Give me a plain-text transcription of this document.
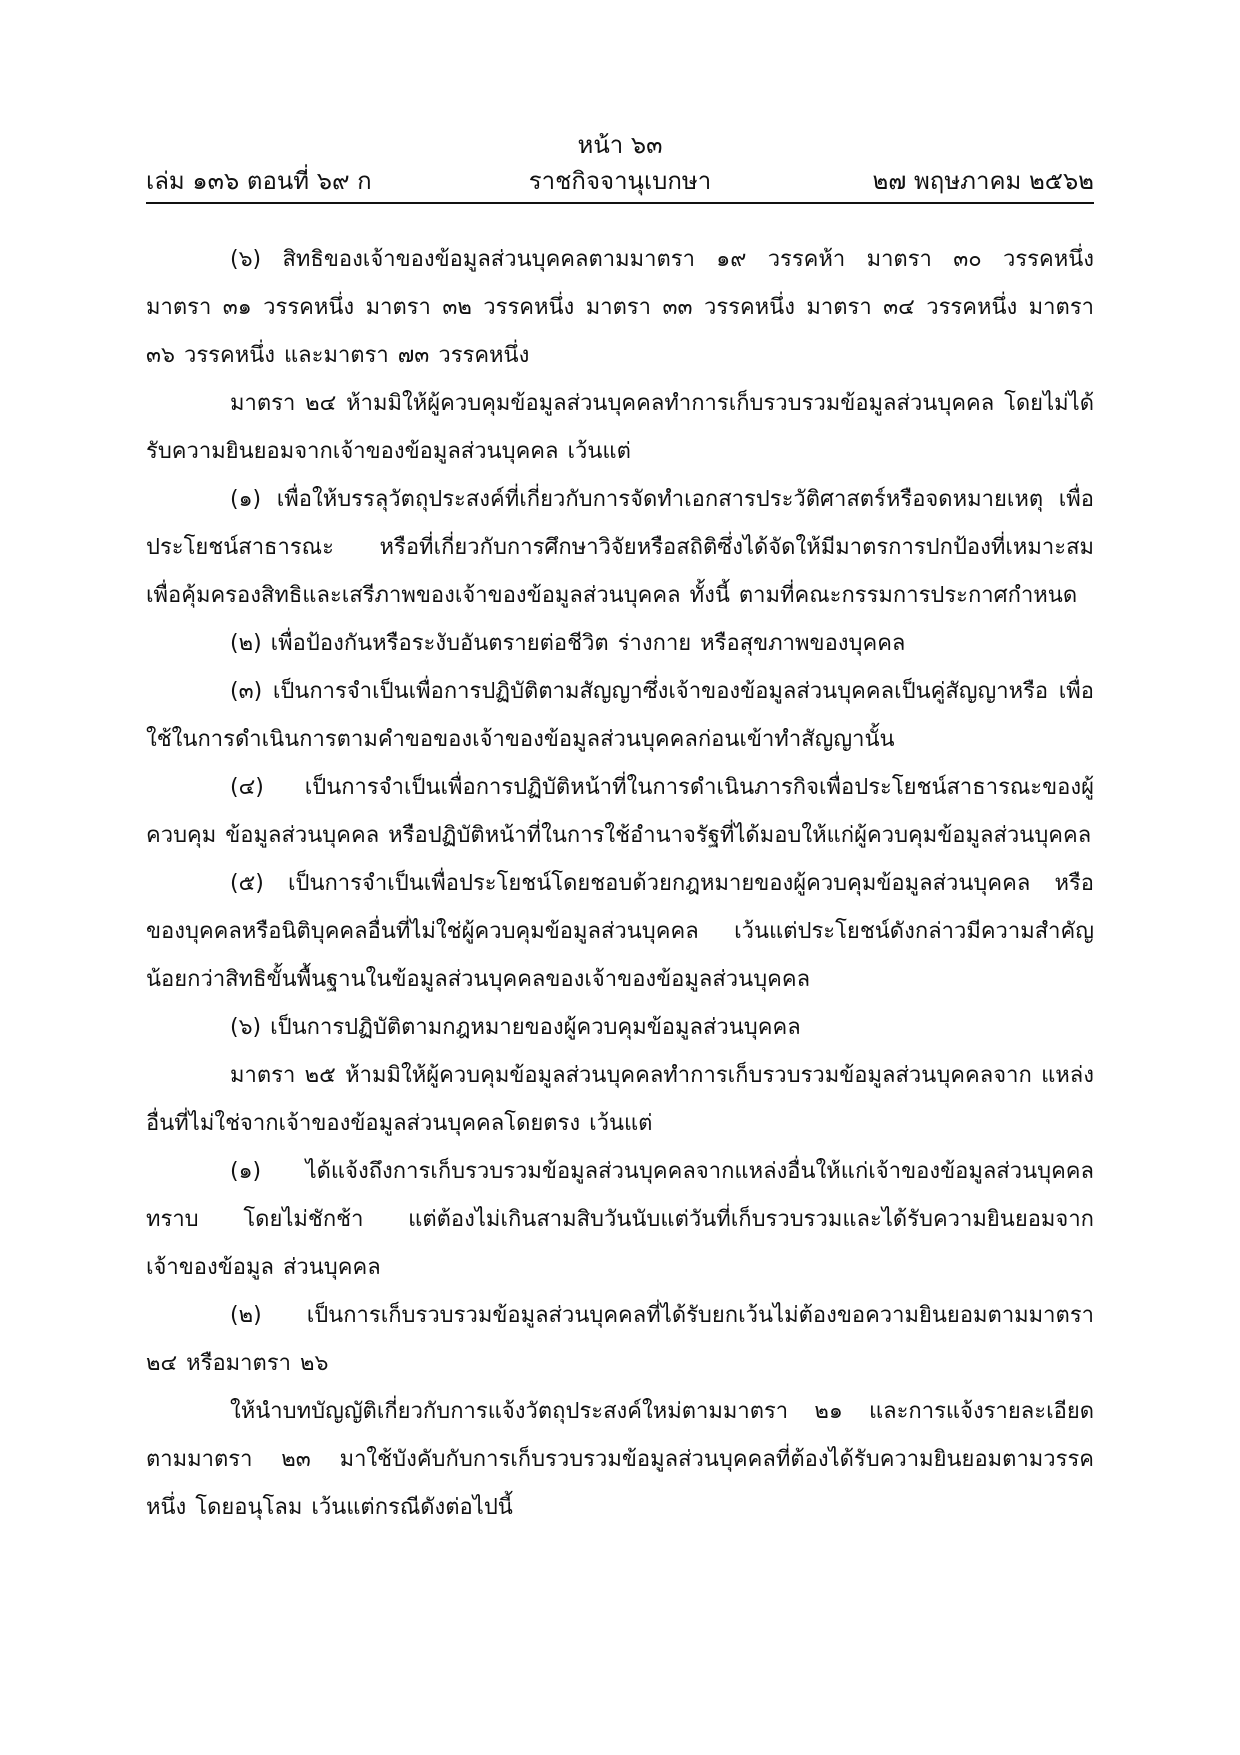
หน้า ๖๓
เล่ม ๑๓๖ ตอนที่ ๖๙ ก	ราชกิจจานุเบกษา	๒๗ พฤษภาคม ๒๕๖๒

(๖) สิทธิของเจ้าของข้อมูลส่วนบุคคลตามมาตรา ๑๙ วรรคห้า มาตรา ๓๐ วรรคหนึ่ง มาตรา ๓๑ วรรคหนึ่ง มาตรา ๓๒ วรรคหนึ่ง มาตรา ๓๓ วรรคหนึ่ง มาตรา ๓๔ วรรคหนึ่ง มาตรา ๓๖ วรรคหนึ่ง และมาตรา ๗๓ วรรคหนึ่ง

มาตรา ๒๔ ห้ามมิให้ผู้ควบคุมข้อมูลส่วนบุคคลทำการเก็บรวบรวมข้อมูลส่วนบุคคล โดยไม่ได้รับความยินยอมจากเจ้าของข้อมูลส่วนบุคคล เว้นแต่

(๑) เพื่อให้บรรลุวัตถุประสงค์ที่เกี่ยวกับการจัดทำเอกสารประวัติศาสตร์หรือจดหมายเหตุ เพื่อประโยชน์สาธารณะ หรือที่เกี่ยวกับการศึกษาวิจัยหรือสถิติซึ่งได้จัดให้มีมาตรการปกป้องที่เหมาะสม เพื่อคุ้มครองสิทธิและเสรีภาพของเจ้าของข้อมูลส่วนบุคคล ทั้งนี้ ตามที่คณะกรรมการประกาศกำหนด

(๒) เพื่อป้องกันหรือระงับอันตรายต่อชีวิต ร่างกาย หรือสุขภาพของบุคคล

(๓) เป็นการจำเป็นเพื่อการปฏิบัติตามสัญญาซึ่งเจ้าของข้อมูลส่วนบุคคลเป็นคู่สัญญาหรือ เพื่อใช้ในการดำเนินการตามคำขอของเจ้าของข้อมูลส่วนบุคคลก่อนเข้าทำสัญญานั้น

(๔) เป็นการจำเป็นเพื่อการปฏิบัติหน้าที่ในการดำเนินภารกิจเพื่อประโยชน์สาธารณะของผู้ควบคุม ข้อมูลส่วนบุคคล หรือปฏิบัติหน้าที่ในการใช้อำนาจรัฐที่ได้มอบให้แก่ผู้ควบคุมข้อมูลส่วนบุคคล

(๕) เป็นการจำเป็นเพื่อประโยชน์โดยชอบด้วยกฎหมายของผู้ควบคุมข้อมูลส่วนบุคคล หรือของบุคคลหรือนิติบุคคลอื่นที่ไม่ใช่ผู้ควบคุมข้อมูลส่วนบุคคล เว้นแต่ประโยชน์ดังกล่าวมีความสำคัญ น้อยกว่าสิทธิขั้นพื้นฐานในข้อมูลส่วนบุคคลของเจ้าของข้อมูลส่วนบุคคล

(๖) เป็นการปฏิบัติตามกฎหมายของผู้ควบคุมข้อมูลส่วนบุคคล

มาตรา ๒๕ ห้ามมิให้ผู้ควบคุมข้อมูลส่วนบุคคลทำการเก็บรวบรวมข้อมูลส่วนบุคคลจาก แหล่งอื่นที่ไม่ใช่จากเจ้าของข้อมูลส่วนบุคคลโดยตรง เว้นแต่

(๑) ได้แจ้งถึงการเก็บรวบรวมข้อมูลส่วนบุคคลจากแหล่งอื่นให้แก่เจ้าของข้อมูลส่วนบุคคลทราบ โดยไม่ชักช้า แต่ต้องไม่เกินสามสิบวันนับแต่วันที่เก็บรวบรวมและได้รับความยินยอมจากเจ้าของข้อมูล ส่วนบุคคล

(๒) เป็นการเก็บรวบรวมข้อมูลส่วนบุคคลที่ได้รับยกเว้นไม่ต้องขอความยินยอมตามมาตรา ๒๔ หรือมาตรา ๒๖

ให้นำบทบัญญัติเกี่ยวกับการแจ้งวัตถุประสงค์ใหม่ตามมาตรา ๒๑ และการแจ้งรายละเอียด ตามมาตรา ๒๓ มาใช้บังคับกับการเก็บรวบรวมข้อมูลส่วนบุคคลที่ต้องได้รับความยินยอมตามวรรคหนึ่ง โดยอนุโลม เว้นแต่กรณีดังต่อไปนี้
